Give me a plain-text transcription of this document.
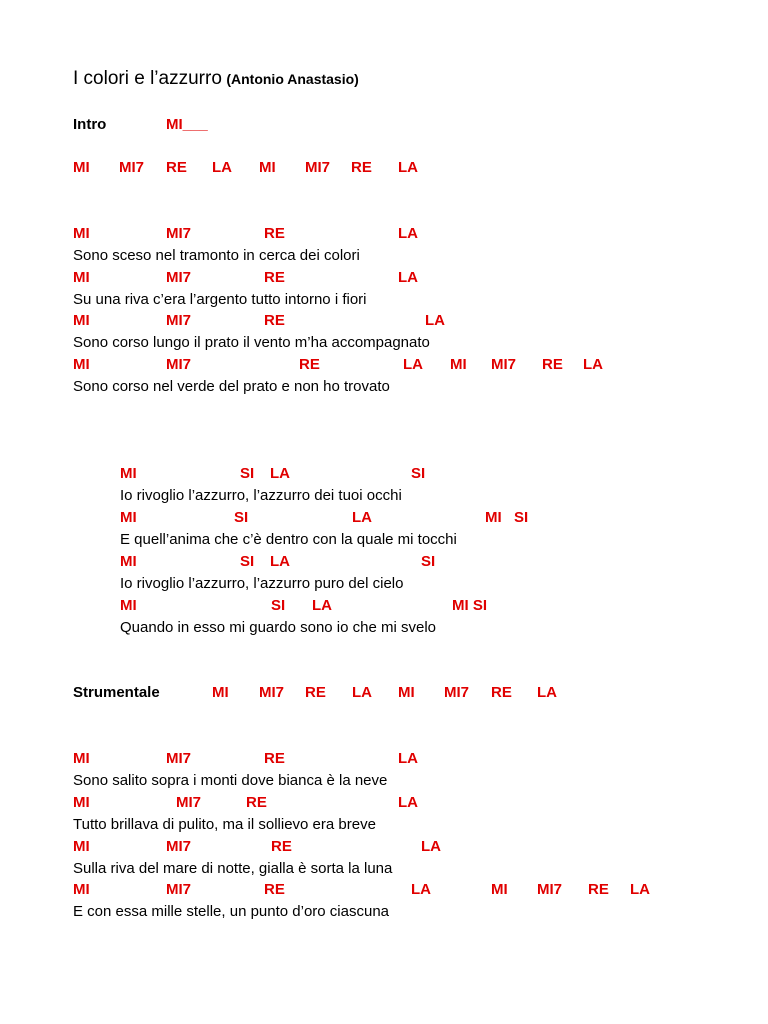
I colori e l’azzurro (Antonio Anastasio)
Intro	MI___
MI MI7 RE LA MI MI7 RE LA
MI	MI7	RE	LA
Sono sceso nel tramonto in cerca dei colori
MI	MI7	RE	LA
Su una riva c’era l’argento tutto intorno i fiori
MI	MI7	RE	LA
Sono corso lungo il prato il vento m’ha accompagnato
MI	MI7	RE	LA MI MI7 RE LA
Sono corso nel verde del prato e non ho trovato
MI	SI LA	SI
Io rivoglio l’azzurro, l’azzurro dei tuoi occhi
MI	SI	LA	MI SI
E quell’anima che c’è dentro con la quale mi tocchi
MI	SI LA	SI
Io rivoglio l’azzurro, l’azzurro puro del cielo
MI	SI LA	MI SI
Quando in esso mi guardo sono io che mi svelo
Strumentale	MI MI7 RE LA MI MI7 RE LA
MI	MI7	RE	LA
Sono salito sopra i monti dove bianca è la neve
MI	MI7	RE	LA
Tutto brillava di pulito, ma il sollievo era breve
MI	MI7	RE	LA
Sulla riva del mare di notte, gialla è sorta la luna
MI	MI7	RE	LA	MI MI7 RE LA
E con essa mille stelle, un punto d’oro ciascuna
